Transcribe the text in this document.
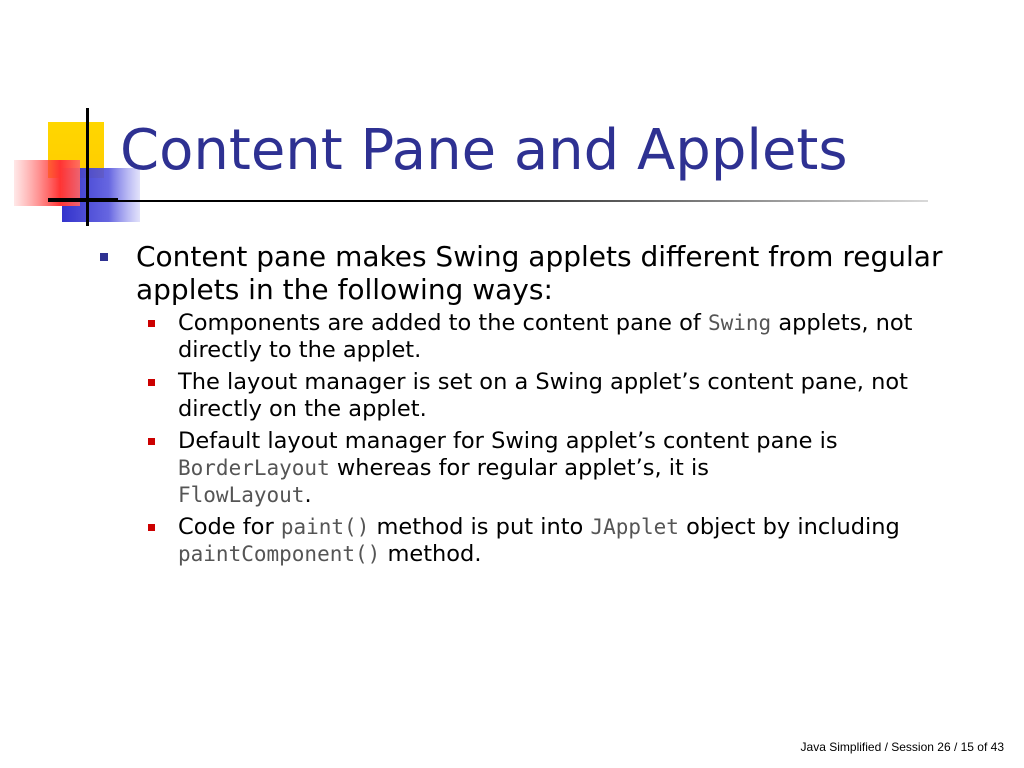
Content Pane and Applets
Content pane makes Swing applets different from regular applets in the following ways:
Components are added to the content pane of Swing applets, not directly to the applet.
The layout manager is set on a Swing applet’s content pane, not directly on the applet.
Default layout manager for Swing applet’s content pane is
BorderLayout whereas for regular applet’s, it is
FlowLayout.
Code for paint() method is put into JApplet object by including paintComponent() method.
Java Simplified / Session 26 / 15 of 43
